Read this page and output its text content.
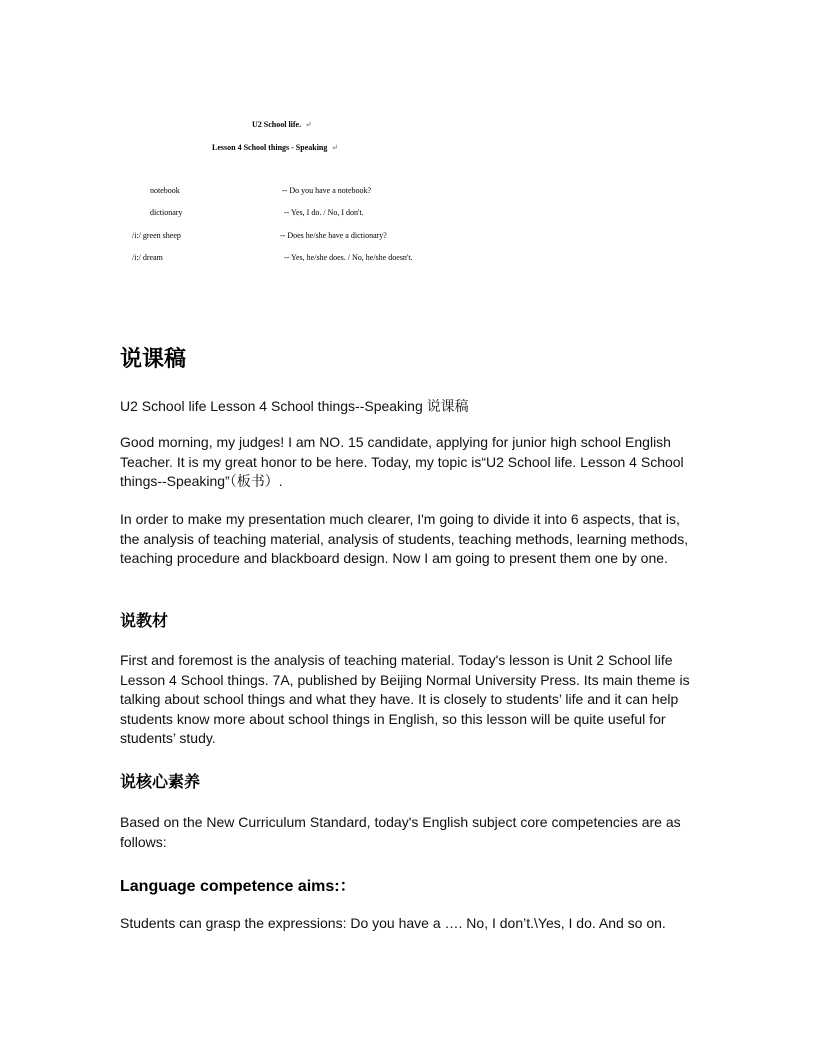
U2 School life. ↵
Lesson 4 School things - Speaking ↵
notebook
dictionary
/i:/ green sheep
/i:/ dream
-- Do you have a notebook?
-- Yes, I do. / No, I don't.
-- Does he/she have a dictionary?
-- Yes, he/she does. / No, he/she doesn't.
说课稿
U2 School life Lesson 4 School things--Speaking 说课稿
Good morning, my judges! I am NO. 15 candidate, applying for junior high school English Teacher. It is my great honor to be here. Today, my topic is“U2 School life. Lesson 4 School things--Speaking”（板书）.
In order to make my presentation much clearer, I'm going to divide it into 6 aspects, that is, the analysis of teaching material, analysis of students, teaching methods, learning methods, teaching procedure and blackboard design. Now I am going to present them one by one.
说教材
First and foremost is the analysis of teaching material. Today's lesson is Unit 2 School life Lesson 4 School things. 7A, published by Beijing Normal University Press. Its main theme is talking about school things and what they have. It is closely to students’ life and it can help students know more about school things in English, so this lesson will be quite useful for students’ study.
说核心素养
Based on the New Curriculum Standard, today's English subject core competencies are as follows:
Language competence aims:：
Students can grasp the expressions: Do you have a …. No, I don’t.\Yes, I do. And so on.
